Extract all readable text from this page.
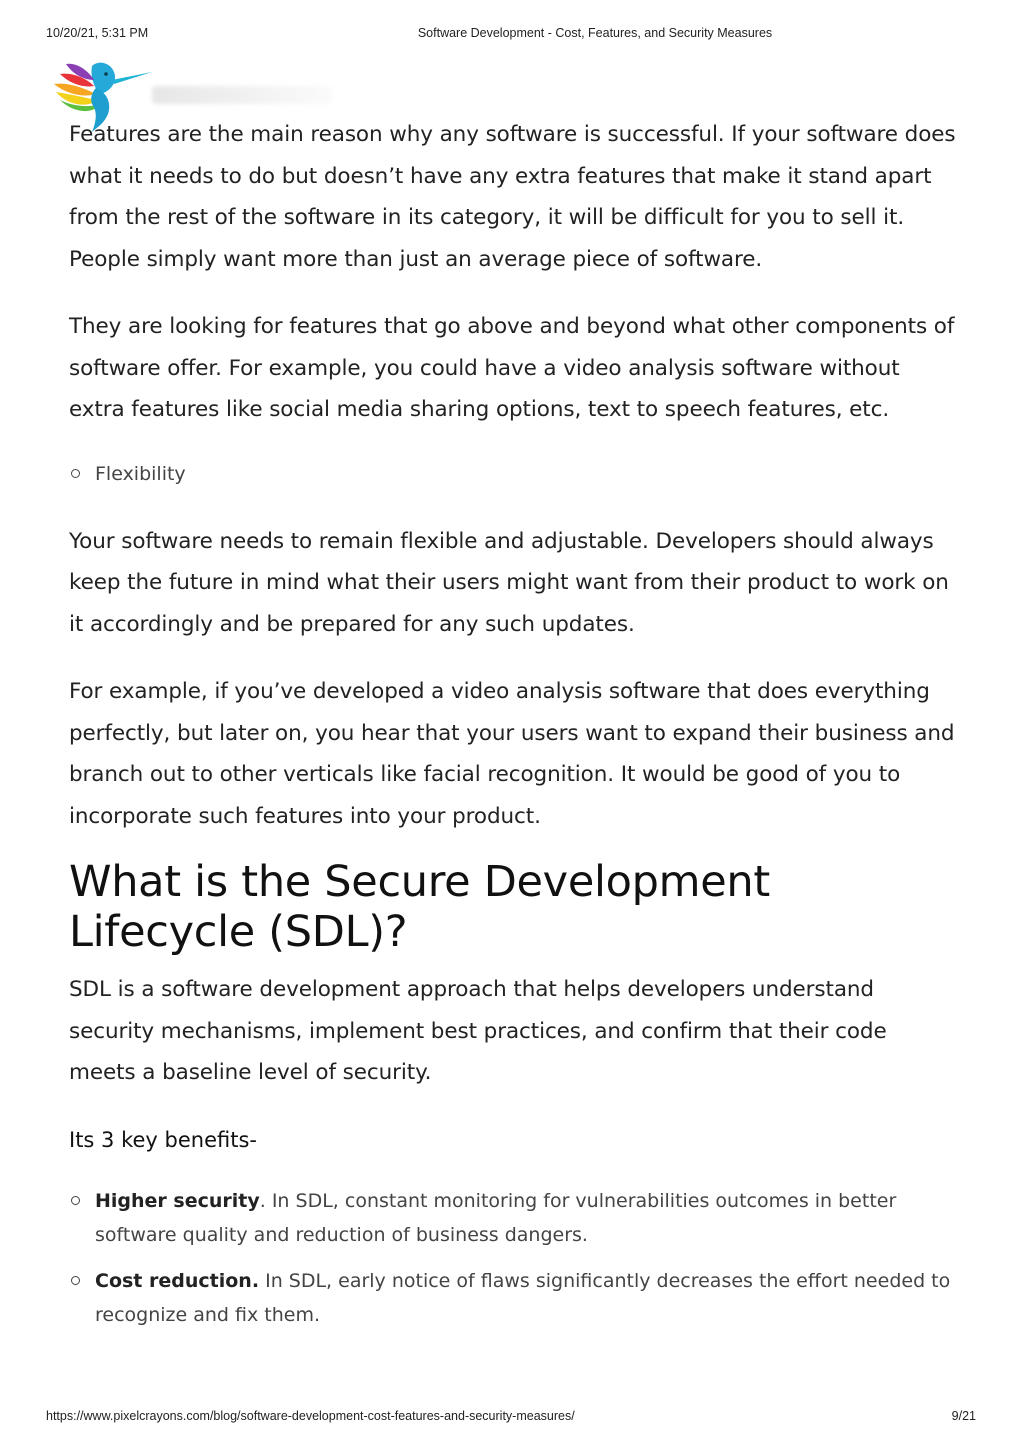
10/20/21, 5:31 PM	Software Development - Cost, Features, and Security Measures

Features are the main reason why any software is successful. If your software does what it needs to do but doesn’t have any extra features that make it stand apart from the rest of the software in its category, it will be difficult for you to sell it. People simply want more than just an average piece of software.

They are looking for features that go above and beyond what other components of software offer. For example, you could have a video analysis software without extra features like social media sharing options, text to speech features, etc.

Flexibility

Your software needs to remain flexible and adjustable. Developers should always keep the future in mind what their users might want from their product to work on it accordingly and be prepared for any such updates.

For example, if you’ve developed a video analysis software that does everything perfectly, but later on, you hear that your users want to expand their business and branch out to other verticals like facial recognition. It would be good of you to incorporate such features into your product.

What is the Secure Development Lifecycle (SDL)?

SDL is a software development approach that helps developers understand security mechanisms, implement best practices, and confirm that their code meets a baseline level of security.

Its 3 key benefits-

Higher security. In SDL, constant monitoring for vulnerabilities outcomes in better software quality and reduction of business dangers.
Cost reduction. In SDL, early notice of flaws significantly decreases the effort needed to recognize and fix them.
https://www.pixelcrayons.com/blog/software-development-cost-features-and-security-measures/	9/21
